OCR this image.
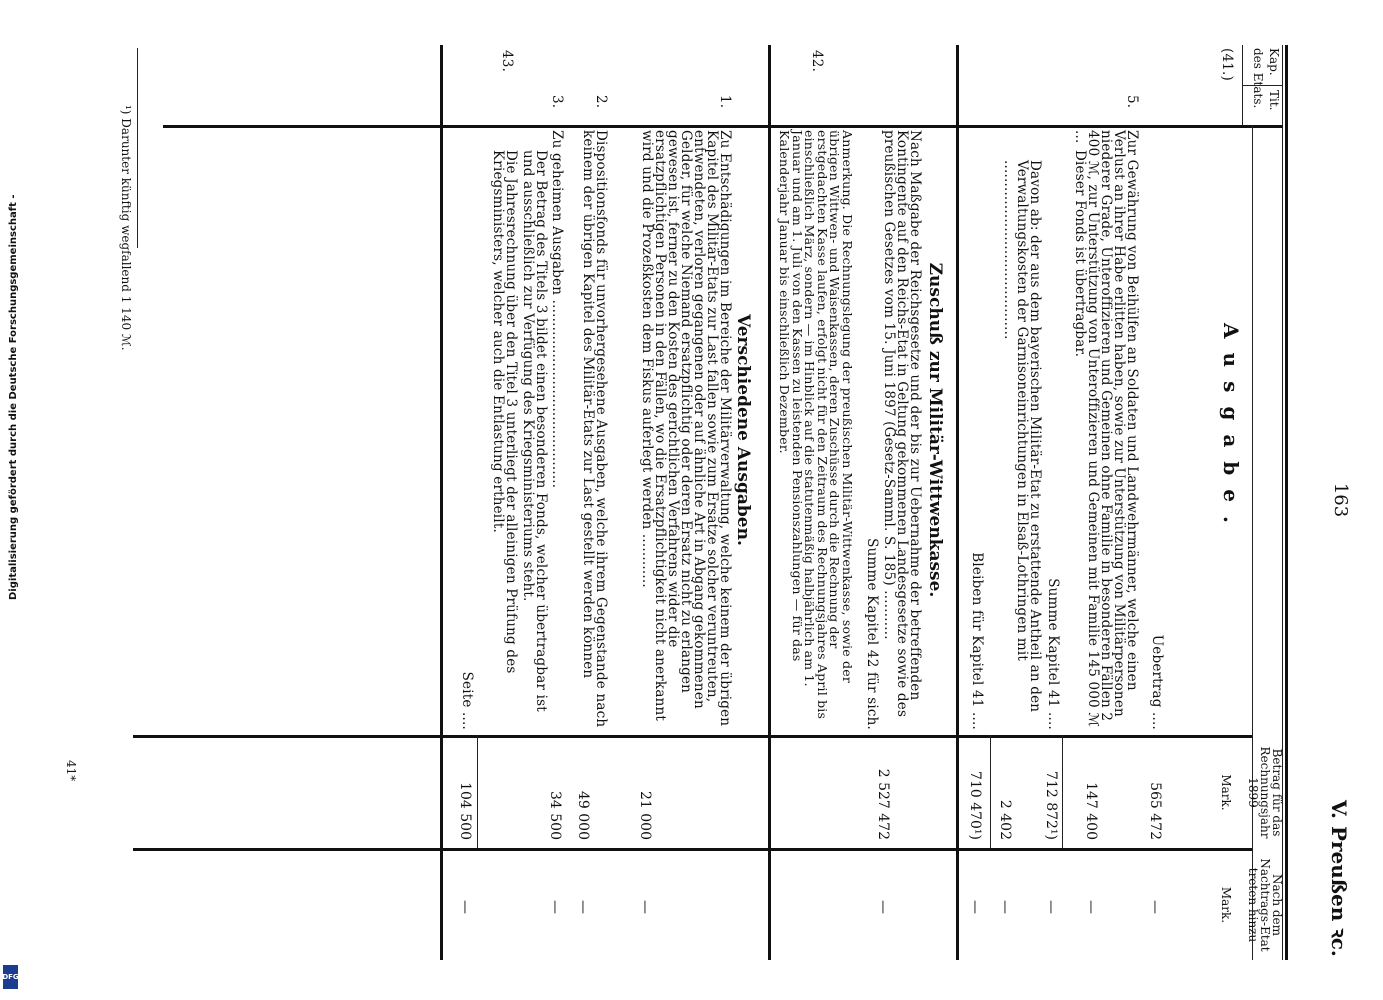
Digitalisierung gefördert durch die Deutsche Forschungsgemeinschaft -
DFG
163
V. Preußen ꝛc.
Kap.
Tit.
des Etats.
Betrag für das Rechnungsjahr 1899
Nach dem Nachtrags-Etat treten hinzu
Mark.
Mark.
Ausgabe.
(41.)
Uebertrag ....
565 472
—
5.
Zur Gewährung von Beihülfen an Soldaten und Landwehrmänner, welche einen Verlust an ihrer Habe erlitten haben, sowie zur Unterstützung von Militärpersonen niederer Grade, Unteroffizieren und Gemeinen ohne Familie in besonderen Fällen 2 400 ℳ, zur Unterstützung von Unteroffizieren und Gemeinen mit Familie 145 000 ℳ ...
Dieser Fonds ist übertragbar.
147 400
—
Summe Kapitel 41 ....
712 872¹)
—
Davon ab: der aus dem bayerischen Militär-Etat zu erstattende Antheil an den Verwaltungskosten der Garnisoneinrichtungen in Elsaß-Lothringen mit ........................................
2 402
—
Bleiben für Kapitel 41 ....
710 470¹)
—
42.
Zuschuß zur Militär-Wittwenkasse.
Nach Maßgabe der Reichsgesetze und der bis zur Uebernahme der betreffenden Kontingente auf den Reichs-Etat in Geltung gekommenen Landesgesetze sowie des preußischen Gesetzes vom 15. Juni 1897 (Gesetz-Samml. S. 185) ...........
Summe Kapitel 42 für sich.
2 527 472
—
Anmerkung. Die Rechnungslegung der preußischen Militär-Wittwenkasse, sowie der übrigen Wittwen- und Waisenkassen, deren Zuschüsse durch die Rechnung der erstgedachten Kasse laufen, erfolgt nicht für den Zeitraum des Rechnungsjahres April bis einschließlich März, sondern — im Hinblick auf die statutenmäßig halbjährlich am 1. Januar und am 1. Juli von den Kassen zu leistenden Pensionszahlungen — für das Kalenderjahr Januar bis einschließlich Dezember.
43.
Verschiedene Ausgaben.
1.
Zu Entschädigungen im Bereiche der Militärverwaltung, welche keinem der übrigen Kapitel des Militär-Etats zur Last fallen sowie zum Ersatze solcher veruntreuten, entwendeten, verloren gegangenen oder auf ähnliche Art in Abgang gekommenen Gelder, für welche Niemand ersatzpflichtig oder deren Ersatz nicht zu erlangen gewesen ist, ferner zu den Kosten des gerichtlichen Verfahrens wider die ersatzpflichtigen Personen in den Fällen, wo die Ersatzpflichtigkeit nicht anerkannt wird und die Prozeßkosten dem Fiskus auferlegt werden ............
21 000
—
2.
Dispositionsfonds für unvorhergesehene Ausgaben, welche ihrem Gegenstande nach keinem der übrigen Kapitel des Militär-Etats zur Last gestellt werden können
49 000
—
3.
Zu geheimen Ausgaben ..........................................
34 500
—
Der Betrag des Titels 3 bildet einen besonderen Fonds, welcher übertragbar ist und ausschließlich zur Verfügung des Kriegsministeriums steht.
Die Jahresrechnung über den Titel 3 unterliegt der alleinigen Prüfung des Kriegsministers, welcher auch die Entlastung ertheilt.
Seite ....
104 500
—
¹) Darunter künftig wegfallend 1 140 ℳ.
41*
